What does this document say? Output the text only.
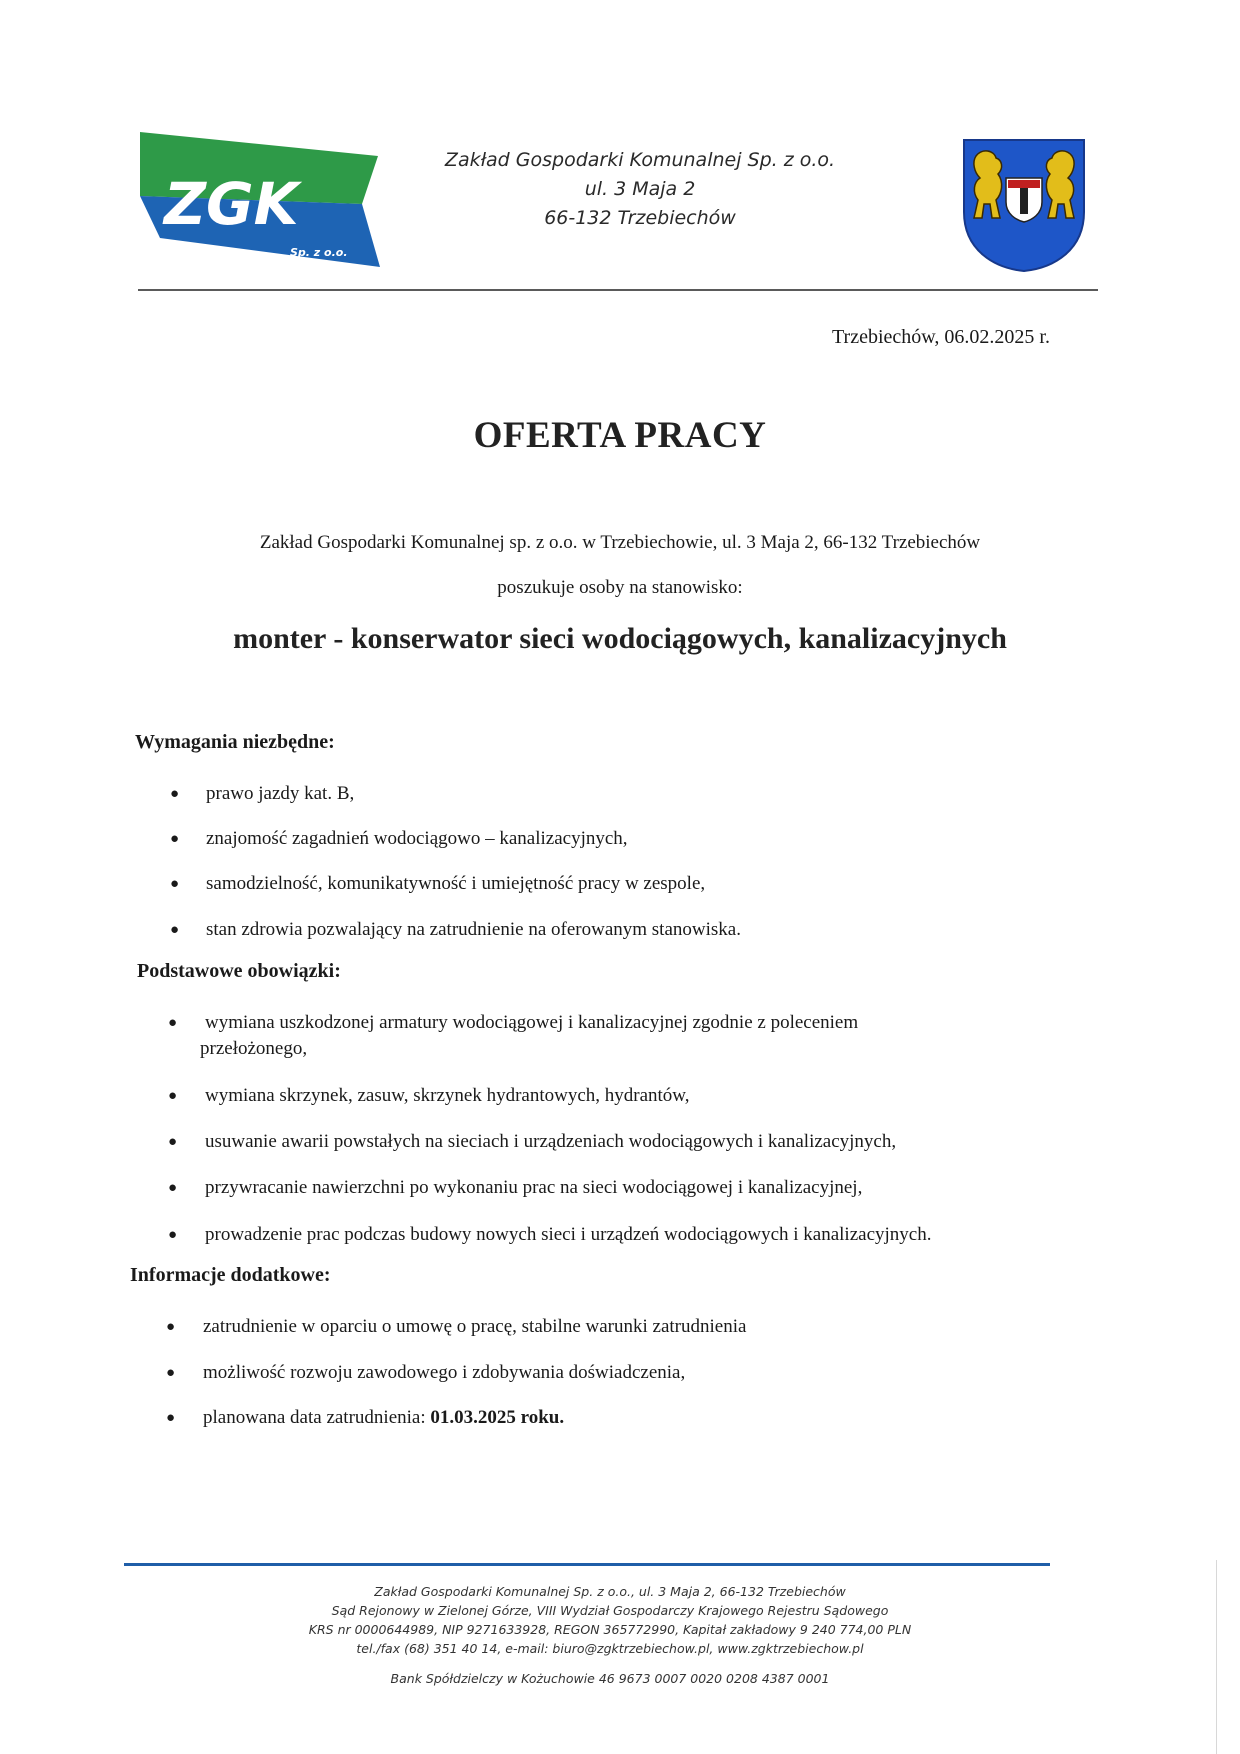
ZGK
Sp. z o.o.
Zakład Gospodarki Komunalnej Sp. z o.o.
ul. 3 Maja 2
66-132 Trzebiechów
Trzebiechów, 06.02.2025 r.
OFERTA PRACY
Zakład Gospodarki Komunalnej sp. z o.o. w Trzebiechowie, ul. 3 Maja 2, 66-132 Trzebiechów
poszukuje osoby na stanowisko:
monter - konserwator sieci wodociągowych, kanalizacyjnych
Wymagania niezbędne:
● prawo jazdy kat. B,
● znajomość zagadnień wodociągowo – kanalizacyjnych,
● samodzielność, komunikatywność i umiejętność pracy w zespole,
● stan zdrowia pozwalający na zatrudnienie na oferowanym stanowiska.
Podstawowe obowiązki:
● wymiana uszkodzonej armatury wodociągowej i kanalizacyjnej zgodnie z poleceniem
przełożonego,
● wymiana skrzynek, zasuw, skrzynek hydrantowych, hydrantów,
● usuwanie awarii powstałych na sieciach i urządzeniach wodociągowych i kanalizacyjnych,
● przywracanie nawierzchni po wykonaniu prac na sieci wodociągowej i kanalizacyjnej,
● prowadzenie prac podczas budowy nowych sieci i urządzeń wodociągowych i kanalizacyjnych.
Informacje dodatkowe:
● zatrudnienie w oparciu o umowę o pracę, stabilne warunki zatrudnienia
● możliwość rozwoju zawodowego i zdobywania doświadczenia,
● planowana data zatrudnienia: 01.03.2025 roku.
Zakład Gospodarki Komunalnej Sp. z o.o., ul. 3 Maja 2, 66-132 Trzebiechów
Sąd Rejonowy w Zielonej Górze, VIII Wydział Gospodarczy Krajowego Rejestru Sądowego
KRS nr 0000644989, NIP 9271633928, REGON 365772990, Kapitał zakładowy 9 240 774,00 PLN
tel./fax (68) 351 40 14, e-mail: biuro@zgktrzebiechow.pl, www.zgktrzebiechow.pl
Bank Spółdzielczy w Kożuchowie 46 9673 0007 0020 0208 4387 0001
